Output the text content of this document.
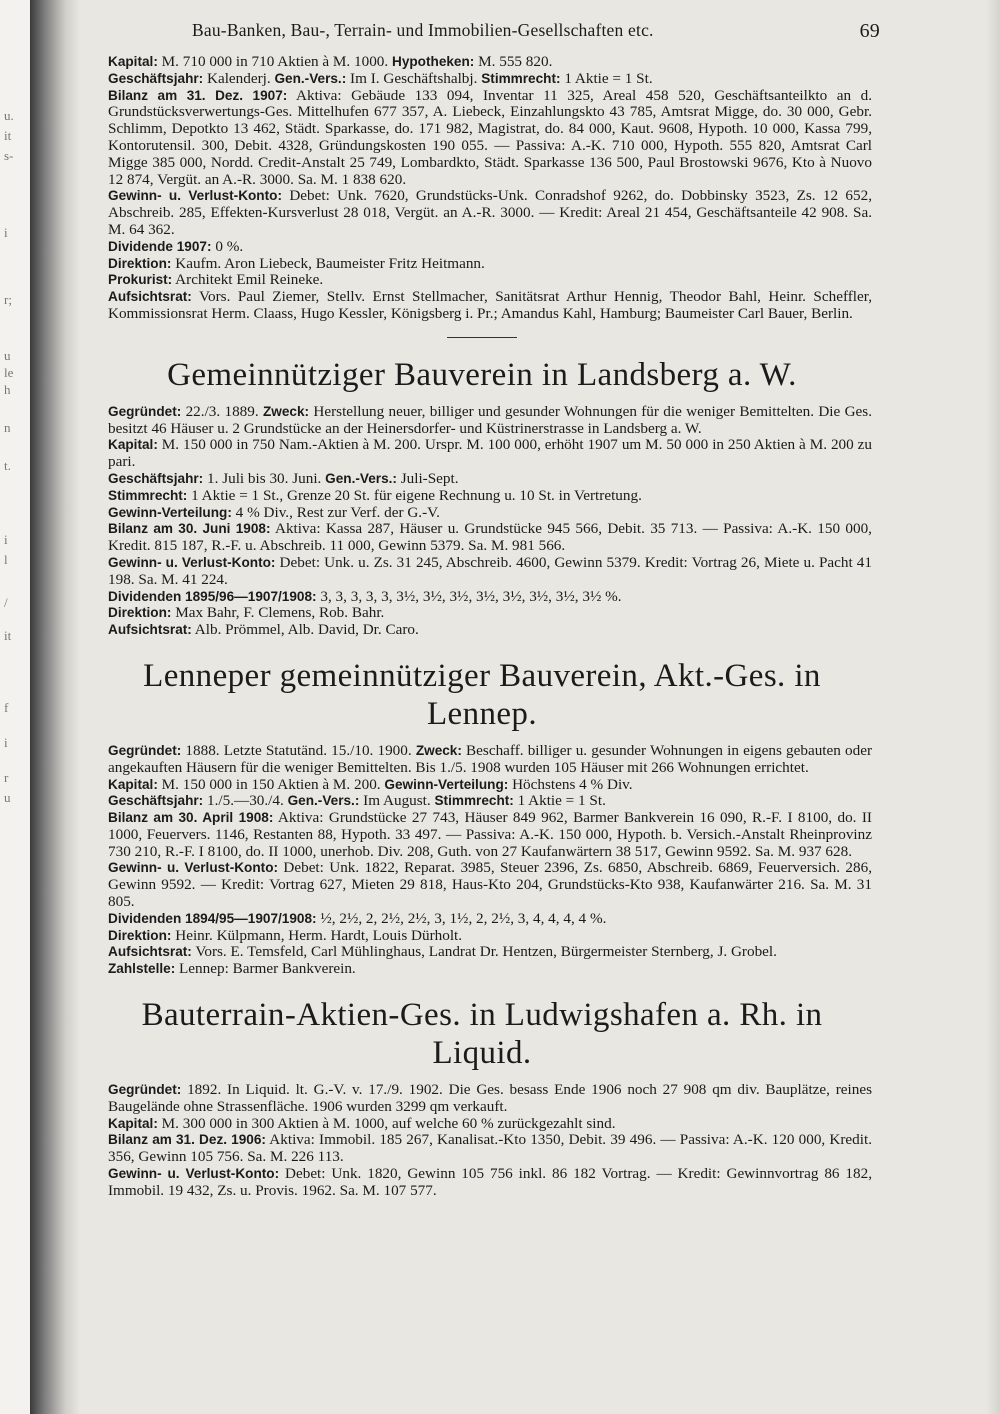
u.
it
s-
i
r;
u
le
h
n
t.
i
l
/
it
f
i
r
u
Bau-Banken, Bau-, Terrain- und Immobilien-Gesellschaften etc.	69

Kapital: M. 710 000 in 710 Aktien à M. 1000. Hypotheken: M. 555 820.

Geschäftsjahr: Kalenderj. Gen.-Vers.: Im I. Geschäftshalbj. Stimmrecht: 1 Aktie = 1 St.

Bilanz am 31. Dez. 1907: Aktiva: Gebäude 133 094, Inventar 11 325, Areal 458 520, Geschäftsanteilkto an d. Grundstücksverwertungs-Ges. Mittelhufen 677 357, A. Liebeck, Einzahlungskto 43 785, Amtsrat Migge, do. 30 000, Gebr. Schlimm, Depotkto 13 462, Städt. Sparkasse, do. 171 982, Magistrat, do. 84 000, Kaut. 9608, Hypoth. 10 000, Kassa 799, Kontorutensil. 300, Debit. 4328, Gründungskosten 190 055. — Passiva: A.-K. 710 000, Hypoth. 555 820, Amtsrat Carl Migge 385 000, Nordd. Credit-Anstalt 25 749, Lombardkto, Städt. Sparkasse 136 500, Paul Brostowski 9676, Kto à Nuovo 12 874, Vergüt. an A.-R. 3000. Sa. M. 1 838 620.

Gewinn- u. Verlust-Konto: Debet: Unk. 7620, Grundstücks-Unk. Conradshof 9262, do. Dobbinsky 3523, Zs. 12 652, Abschreib. 285, Effekten-Kursverlust 28 018, Vergüt. an A.-R. 3000. — Kredit: Areal 21 454, Geschäftsanteile 42 908. Sa. M. 64 362.

Dividende 1907: 0 %.

Direktion: Kaufm. Aron Liebeck, Baumeister Fritz Heitmann.

Prokurist: Architekt Emil Reineke.

Aufsichtsrat: Vors. Paul Ziemer, Stellv. Ernst Stellmacher, Sanitätsrat Arthur Hennig, Theodor Bahl, Heinr. Scheffler, Kommissionsrat Herm. Claass, Hugo Kessler, Königsberg i. Pr.; Amandus Kahl, Hamburg; Baumeister Carl Bauer, Berlin.

Gemeinnütziger Bauverein in Landsberg a. W.

Gegründet: 22./3. 1889. Zweck: Herstellung neuer, billiger und gesunder Wohnungen für die weniger Bemittelten. Die Ges. besitzt 46 Häuser u. 2 Grundstücke an der Heinersdorfer- und Küstrinerstrasse in Landsberg a. W.

Kapital: M. 150 000 in 750 Nam.-Aktien à M. 200. Urspr. M. 100 000, erhöht 1907 um M. 50 000 in 250 Aktien à M. 200 zu pari.

Geschäftsjahr: 1. Juli bis 30. Juni. Gen.-Vers.: Juli-Sept.

Stimmrecht: 1 Aktie = 1 St., Grenze 20 St. für eigene Rechnung u. 10 St. in Vertretung.

Gewinn-Verteilung: 4 % Div., Rest zur Verf. der G.-V.

Bilanz am 30. Juni 1908: Aktiva: Kassa 287, Häuser u. Grundstücke 945 566, Debit. 35 713. — Passiva: A.-K. 150 000, Kredit. 815 187, R.-F. u. Abschreib. 11 000, Gewinn 5379. Sa. M. 981 566.

Gewinn- u. Verlust-Konto: Debet: Unk. u. Zs. 31 245, Abschreib. 4600, Gewinn 5379. Kredit: Vortrag 26, Miete u. Pacht 41 198. Sa. M. 41 224.

Dividenden 1895/96—1907/1908: 3, 3, 3, 3, 3, 3½, 3½, 3½, 3½, 3½, 3½, 3½, 3½ %.

Direktion: Max Bahr, F. Clemens, Rob. Bahr.

Aufsichtsrat: Alb. Prömmel, Alb. David, Dr. Caro.

Lenneper gemeinnütziger Bauverein, Akt.-Ges. in Lennep.

Gegründet: 1888. Letzte Statutänd. 15./10. 1900. Zweck: Beschaff. billiger u. gesunder Wohnungen in eigens gebauten oder angekauften Häusern für die weniger Bemittelten. Bis 1./5. 1908 wurden 105 Häuser mit 266 Wohnungen errichtet.

Kapital: M. 150 000 in 150 Aktien à M. 200. Gewinn-Verteilung: Höchstens 4 % Div.

Geschäftsjahr: 1./5.—30./4. Gen.-Vers.: Im August. Stimmrecht: 1 Aktie = 1 St.

Bilanz am 30. April 1908: Aktiva: Grundstücke 27 743, Häuser 849 962, Barmer Bankverein 16 090, R.-F. I 8100, do. II 1000, Feuervers. 1146, Restanten 88, Hypoth. 33 497. — Passiva: A.-K. 150 000, Hypoth. b. Versich.-Anstalt Rheinprovinz 730 210, R.-F. I 8100, do. II 1000, unerhob. Div. 208, Guth. von 27 Kaufanwärtern 38 517, Gewinn 9592. Sa. M. 937 628.

Gewinn- u. Verlust-Konto: Debet: Unk. 1822, Reparat. 3985, Steuer 2396, Zs. 6850, Abschreib. 6869, Feuerversich. 286, Gewinn 9592. — Kredit: Vortrag 627, Mieten 29 818, Haus-Kto 204, Grundstücks-Kto 938, Kaufanwärter 216. Sa. M. 31 805.

Dividenden 1894/95—1907/1908: ½, 2½, 2, 2½, 2½, 3, 1½, 2, 2½, 3, 4, 4, 4, 4 %.

Direktion: Heinr. Külpmann, Herm. Hardt, Louis Dürholt.

Aufsichtsrat: Vors. E. Temsfeld, Carl Mühlinghaus, Landrat Dr. Hentzen, Bürgermeister Sternberg, J. Grobel.

Zahlstelle: Lennep: Barmer Bankverein.

Bauterrain-Aktien-Ges. in Ludwigshafen a. Rh. in Liquid.

Gegründet: 1892. In Liquid. lt. G.-V. v. 17./9. 1902. Die Ges. besass Ende 1906 noch 27 908 qm div. Bauplätze, reines Baugelände ohne Strassenfläche. 1906 wurden 3299 qm verkauft.

Kapital: M. 300 000 in 300 Aktien à M. 1000, auf welche 60 % zurückgezahlt sind.

Bilanz am 31. Dez. 1906: Aktiva: Immobil. 185 267, Kanalisat.-Kto 1350, Debit. 39 496. — Passiva: A.-K. 120 000, Kredit. 356, Gewinn 105 756. Sa. M. 226 113.

Gewinn- u. Verlust-Konto: Debet: Unk. 1820, Gewinn 105 756 inkl. 86 182 Vortrag. — Kredit: Gewinnvortrag 86 182, Immobil. 19 432, Zs. u. Provis. 1962. Sa. M. 107 577.
